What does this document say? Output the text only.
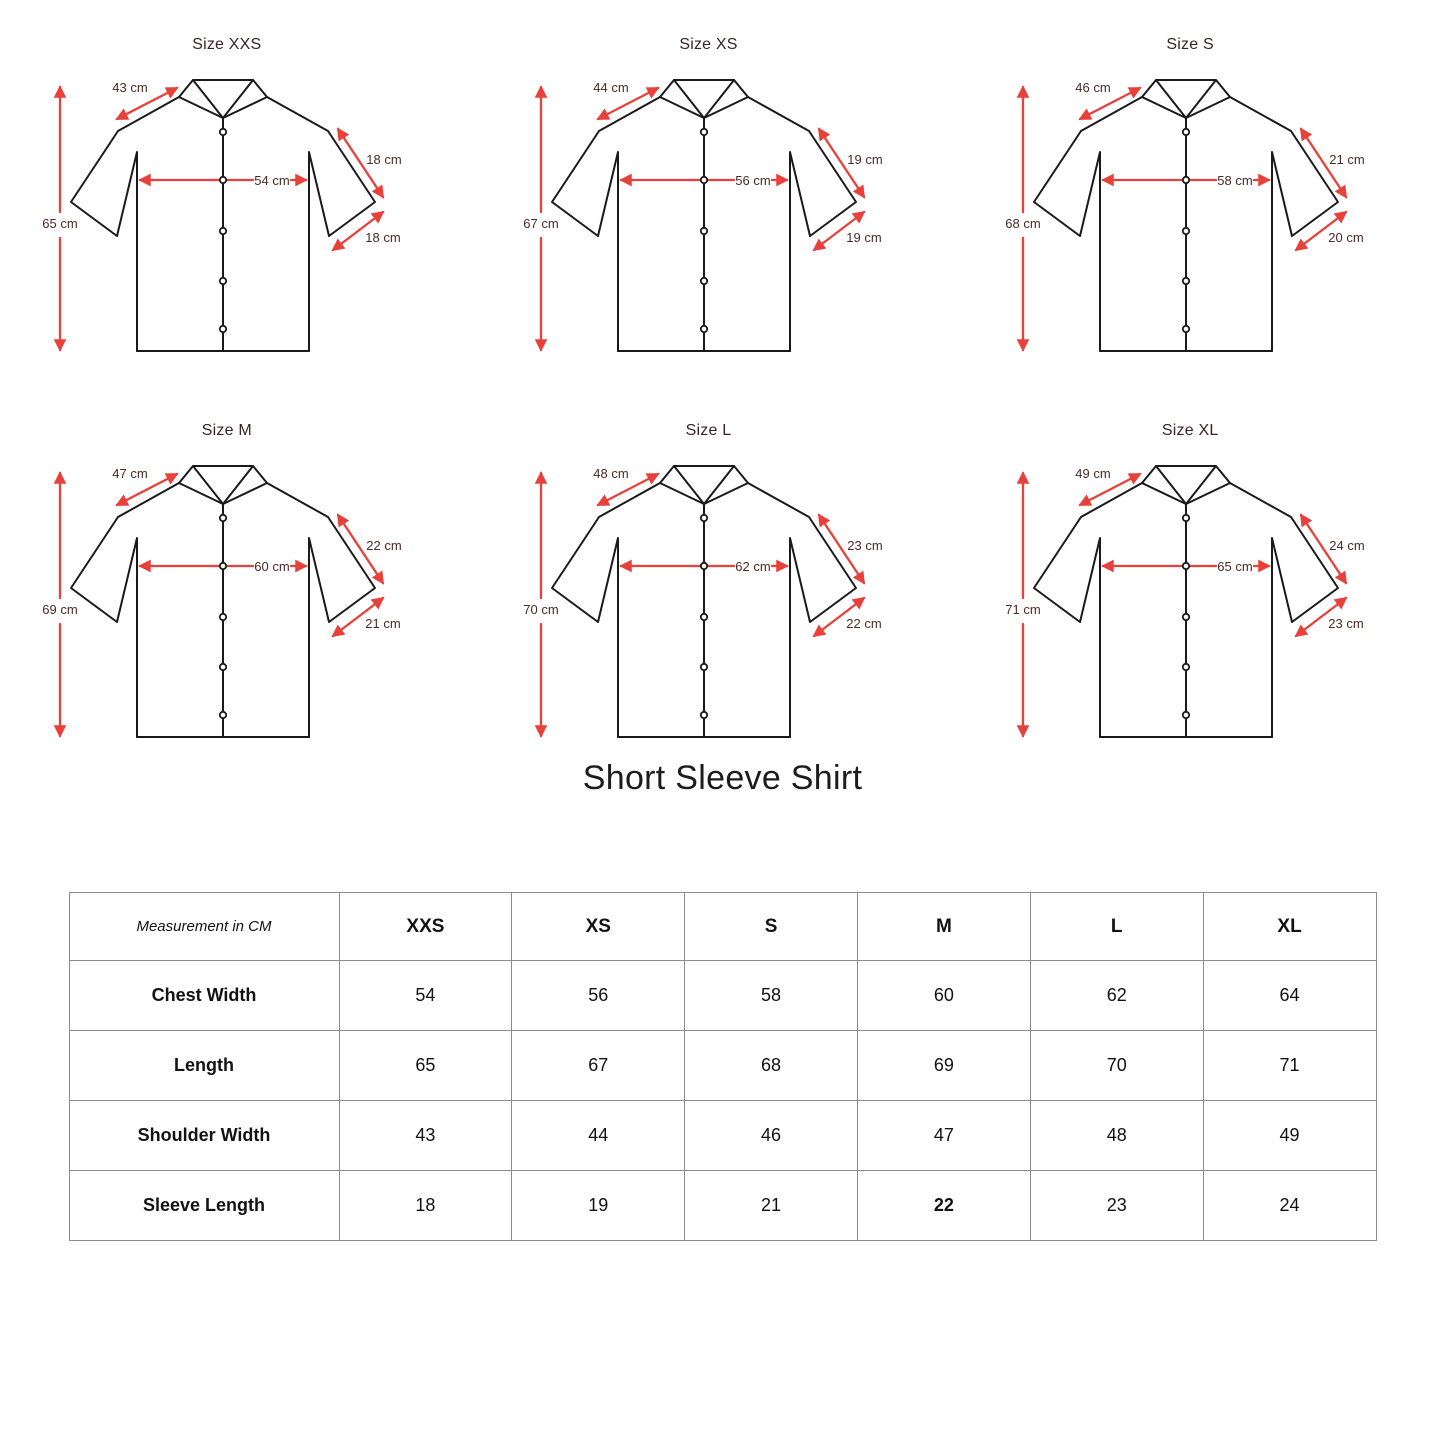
Size XXS
65 cm
43 cm
54 cm
18 cm
18 cm
Size XS
67 cm
44 cm
56 cm
19 cm
19 cm
Size S
68 cm
46 cm
58 cm
21 cm
20 cm
Size M
69 cm
47 cm
60 cm
22 cm
21 cm
Size L
70 cm
48 cm
62 cm
23 cm
22 cm
Size XL
71 cm
49 cm
65 cm
24 cm
23 cm
Short Sleeve Shirt
Measurement in CM	XXS	XS	S	M	L	XL
Chest Width	54	56	58	60	62	64
Length	65	67	68	69	70	71
Shoulder Width	43	44	46	47	48	49
Sleeve Length	18	19	21	22	23	24
